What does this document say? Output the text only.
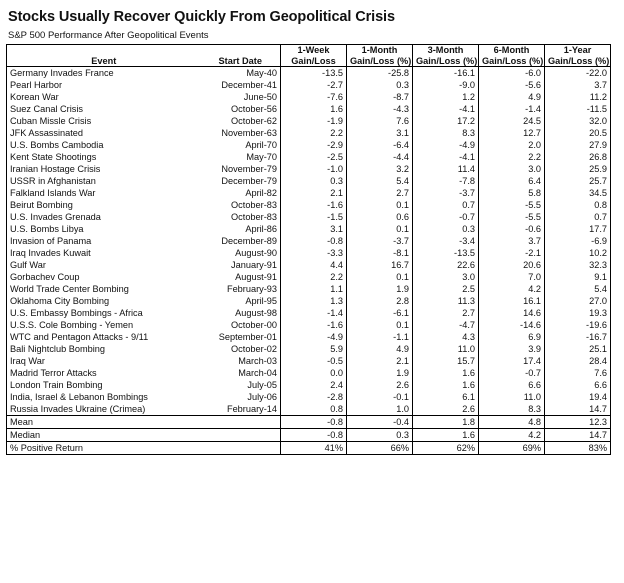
Stocks Usually Recover Quickly From Geopolitical Crisis
S&P 500 Performance After Geopolitical Events
		1-Week	1-Month	3-Month	6-Month	1-Year
Event	Start Date	Gain/Loss	Gain/Loss (%)	Gain/Loss (%)	Gain/Loss (%)	Gain/Loss (%)
Germany Invades France	May-40	-13.5	-25.8	-16.1	-6.0	-22.0
Pearl Harbor	December-41	-2.7	0.3	-9.0	-5.6	3.7
Korean War	June-50	-7.6	-8.7	1.2	4.9	11.2
Suez Canal Crisis	October-56	1.6	-4.3	-4.1	-1.4	-11.5
Cuban Missle Crisis	October-62	-1.9	7.6	17.2	24.5	32.0
JFK Assassinated	November-63	2.2	3.1	8.3	12.7	20.5
U.S. Bombs Cambodia	April-70	-2.9	-6.4	-4.9	2.0	27.9
Kent State Shootings	May-70	-2.5	-4.4	-4.1	2.2	26.8
Iranian Hostage Crisis	November-79	-1.0	3.2	11.4	3.0	25.9
USSR in Afghanistan	December-79	0.3	5.4	-7.8	6.4	25.7
Falkland Islands War	April-82	2.1	2.7	-3.7	5.8	34.5
Beirut Bombing	October-83	-1.6	0.1	0.7	-5.5	0.8
U.S. Invades Grenada	October-83	-1.5	0.6	-0.7	-5.5	0.7
U.S. Bombs Libya	April-86	3.1	0.1	0.3	-0.6	17.7
Invasion of Panama	December-89	-0.8	-3.7	-3.4	3.7	-6.9
Iraq Invades Kuwait	August-90	-3.3	-8.1	-13.5	-2.1	10.2
Gulf War	January-91	4.4	16.7	22.6	20.6	32.3
Gorbachev Coup	August-91	2.2	0.1	3.0	7.0	9.1
World Trade Center Bombing	February-93	1.1	1.9	2.5	4.2	5.4
Oklahoma City Bombing	April-95	1.3	2.8	11.3	16.1	27.0
U.S. Embassy Bombings - Africa	August-98	-1.4	-6.1	2.7	14.6	19.3
U.S.S. Cole Bombing - Yemen	October-00	-1.6	0.1	-4.7	-14.6	-19.6
WTC and Pentagon Attacks - 9/11	September-01	-4.9	-1.1	4.3	6.9	-16.7
Bali Nightclub Bombing	October-02	5.9	4.9	11.0	3.9	25.1
Iraq War	March-03	-0.5	2.1	15.7	17.4	28.4
Madrid Terror Attacks	March-04	0.0	1.9	1.6	-0.7	7.6
London Train Bombing	July-05	2.4	2.6	1.6	6.6	6.6
India, Israel & Lebanon Bombings	July-06	-2.8	-0.1	6.1	11.0	19.4
Russia Invades Ukraine (Crimea)	February-14	0.8	1.0	2.6	8.3	14.7
Mean		-0.8	-0.4	1.8	4.8	12.3
Median		-0.8	0.3	1.6	4.2	14.7
% Positive Return		41%	66%	62%	69%	83%
